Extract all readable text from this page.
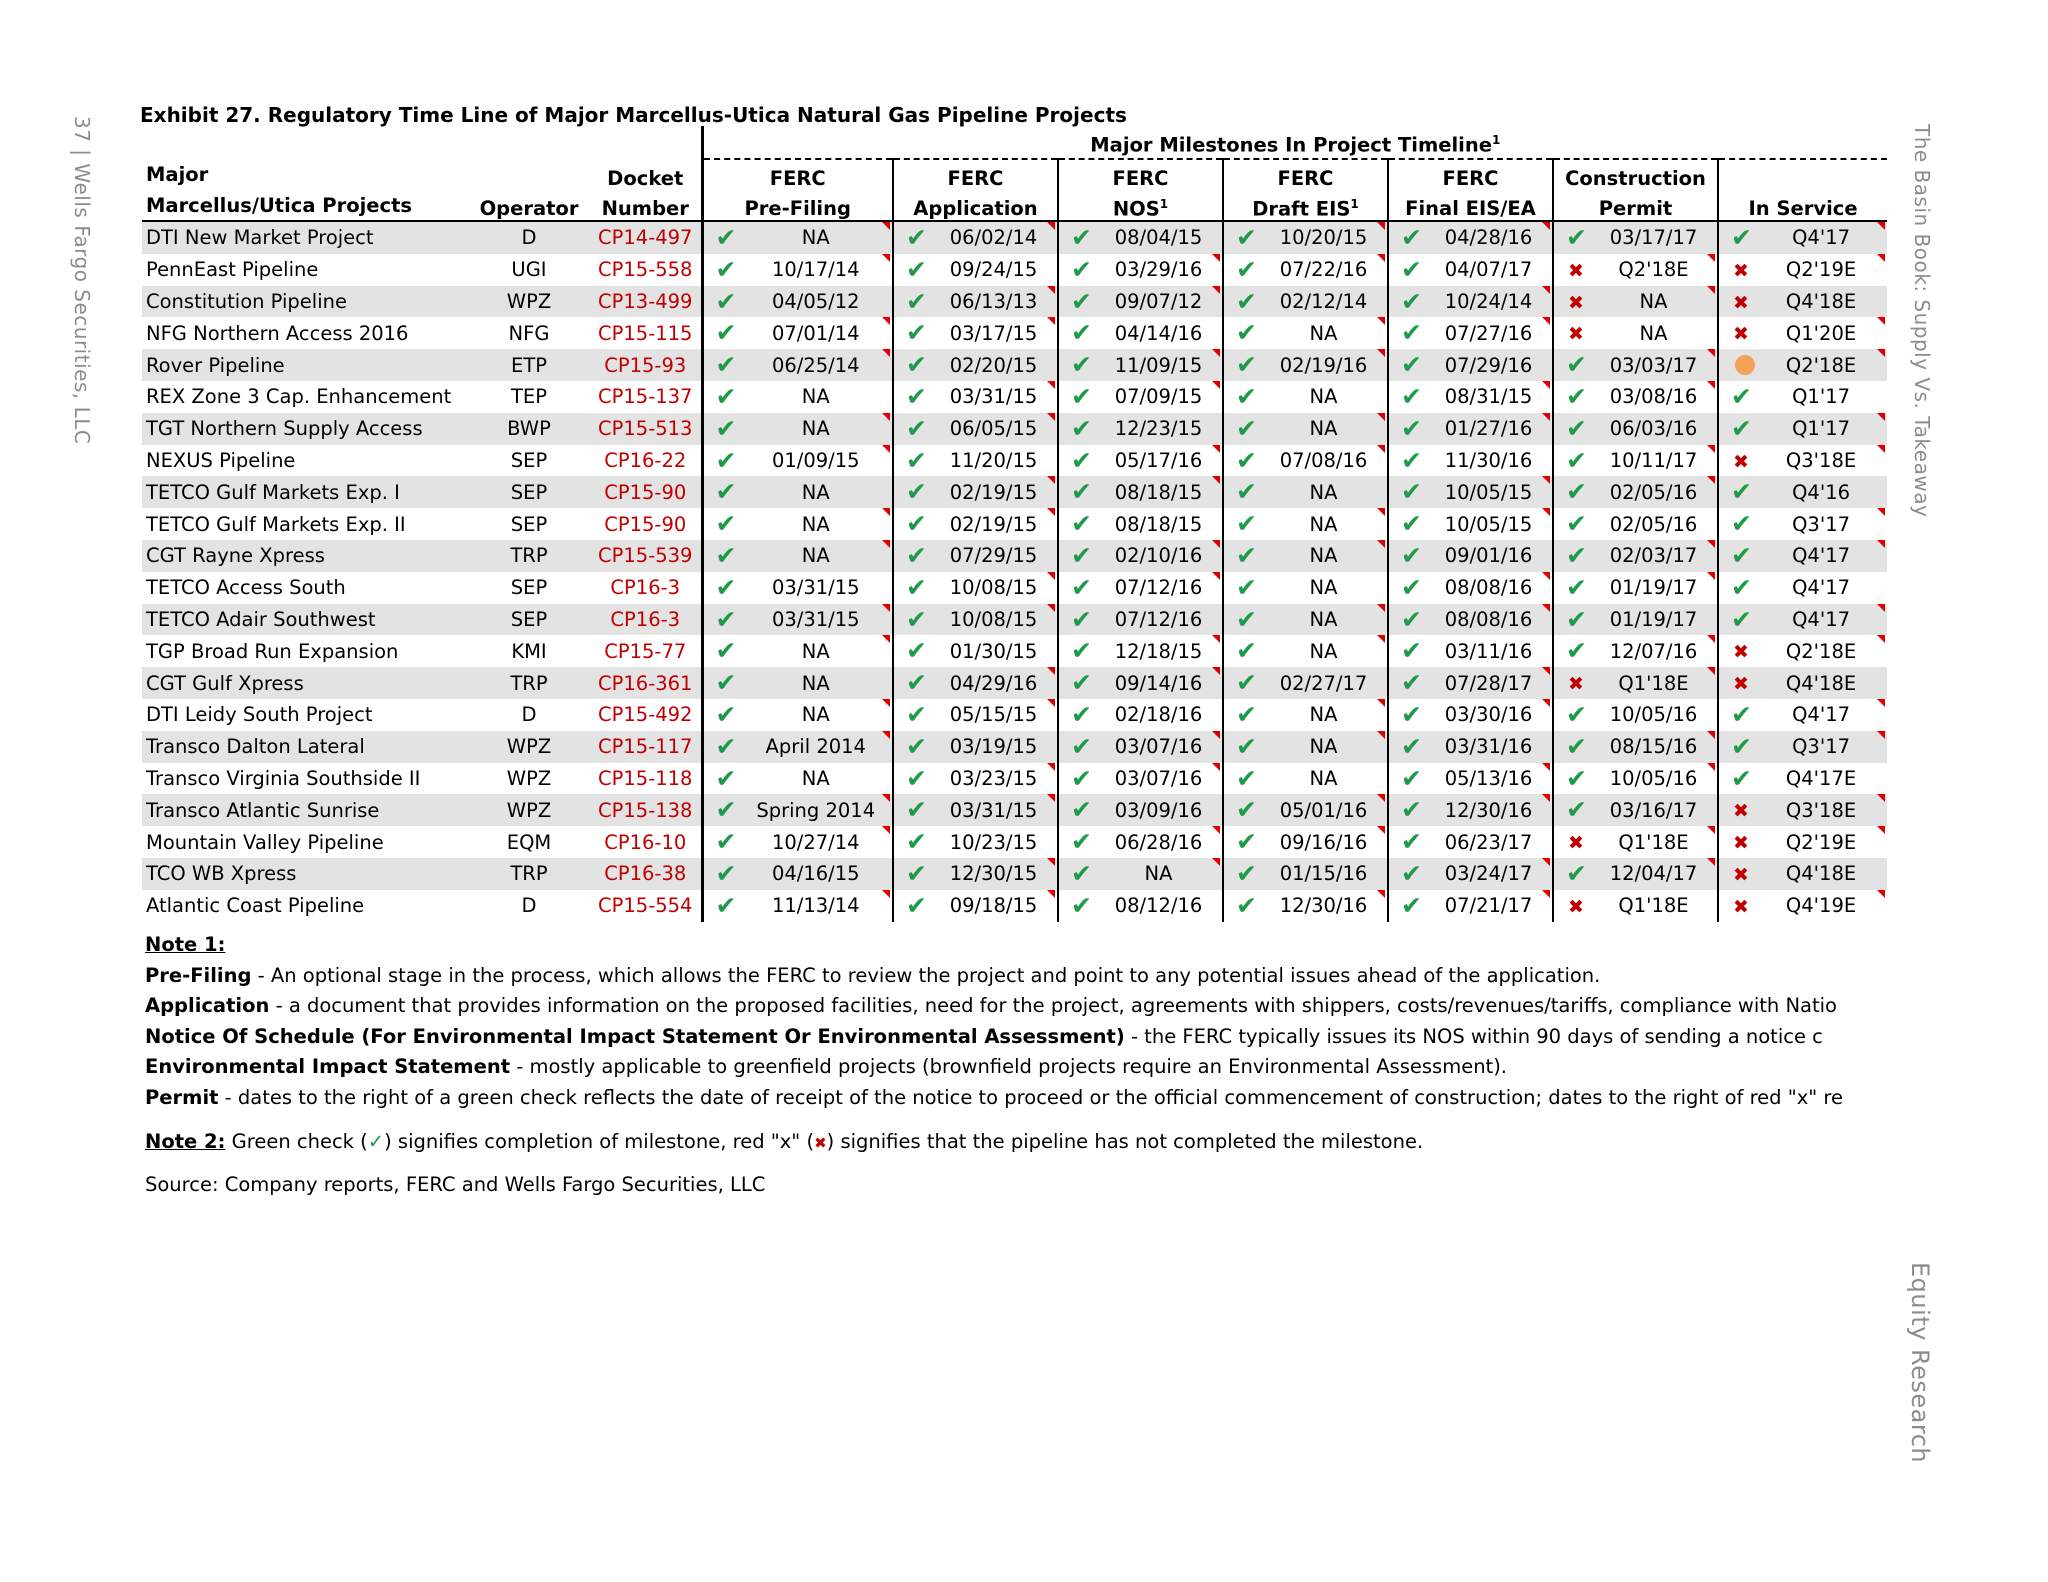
37 | Wells Fargo Securities, LLC	The Basin Book: Supply Vs. Takeaway
Equity Research
Exhibit 27. Regulatory Time Line of Major Marcellus-Utica Natural Gas Pipeline Projects
			Major Milestones In Project Timeline$^1$
Major		Docket	FERC	FERC	FERC	FERC	FERC	Construction	
Marcellus/Utica Projects	Operator	Number	Pre-Filing	Application	NOS$^1$	Draft EIS$^1$	Final EIS/EA	Permit	In Service
DTI New Market Project	D	CP14-497	✔ NA	✔ 06/02/14	✔ 08/04/15	✔ 10/20/15	✔ 04/28/16	✔ 03/17/17	✔ Q4'17

PennEast Pipeline	UGI	CP15-558	✔ 10/17/14	✔ 09/24/15	✔ 03/29/16	✔ 07/22/16	✔ 04/07/17	✖ Q2'18E	✖ Q2'19E

Constitution Pipeline	WPZ	CP13-499	✔ 04/05/12	✔ 06/13/13	✔ 09/07/12	✔ 02/12/14	✔ 10/24/14	✖ NA	✖ Q4'18E
NFG Northern Access 2016	NFG	CP15-115	✔ 07/01/14	✔ 03/17/15	✔ 04/14/16	✔ NA	✔ 07/27/16	✖ NA	✖ Q1'20E

Rover Pipeline	ETP	CP15-93	✔ 06/25/14	✔ 02/20/15	✔ 11/09/15	✔ 02/19/16	✔ 07/29/16	✔ 03/03/17	Q2'18E

REX Zone 3 Cap. Enhancement	TEP	CP15-137	✔ NA	✔ 03/31/15	✔ 07/09/15	✔ NA	✔ 08/31/15	✔ 03/08/16	✔ Q1'17
TGT Northern Supply Access	BWP	CP15-513	✔ NA	✔ 06/05/15	✔ 12/23/15	✔ NA	✔ 01/27/16	✔ 06/03/16	✔ Q1'17

NEXUS Pipeline	SEP	CP16-22	✔ 01/09/15	✔ 11/20/15	✔ 05/17/16	✔ 07/08/16	✔ 11/30/16	✔ 10/11/17	✖ Q3'18E

TETCO Gulf Markets Exp. I	SEP	CP15-90	✔ NA	✔ 02/19/15	✔ 08/18/15	✔ NA	✔ 10/05/15	✔ 02/05/16	✔ Q4'16
TETCO Gulf Markets Exp. II	SEP	CP15-90	✔ NA	✔ 02/19/15	✔ 08/18/15	✔ NA	✔ 10/05/15	✔ 02/05/16	✔ Q3'17

CGT Rayne Xpress	TRP	CP15-539	✔ NA	✔ 07/29/15	✔ 02/10/16	✔ NA	✔ 09/01/16	✔ 02/03/17	✔ Q4'17

TETCO Access South	SEP	CP16-3	✔ 03/31/15	✔ 10/08/15	✔ 07/12/16	✔ NA	✔ 08/08/16	✔ 01/19/17	✔ Q4'17
TETCO Adair Southwest	SEP	CP16-3	✔ 03/31/15	✔ 10/08/15	✔ 07/12/16	✔ NA	✔ 08/08/16	✔ 01/19/17	✔ Q4'17

TGP Broad Run Expansion	KMI	CP15-77	✔ NA	✔ 01/30/15	✔ 12/18/15	✔ NA	✔ 03/11/16	✔ 12/07/16	✖ Q2'18E

CGT Gulf Xpress	TRP	CP16-361	✔ NA	✔ 04/29/16	✔ 09/14/16	✔ 02/27/17	✔ 07/28/17	✖ Q1'18E	✖ Q4'18E
DTI Leidy South Project	D	CP15-492	✔ NA	✔ 05/15/15	✔ 02/18/16	✔ NA	✔ 03/30/16	✔ 10/05/16	✔ Q4'17

Transco Dalton Lateral	WPZ	CP15-117	✔ April 2014	✔ 03/19/15	✔ 03/07/16	✔ NA	✔ 03/31/16	✔ 08/15/16	✔ Q3'17

Transco Virginia Southside II	WPZ	CP15-118	✔ NA	✔ 03/23/15	✔ 03/07/16	✔ NA	✔ 05/13/16	✔ 10/05/16	✔ Q4'17E
Transco Atlantic Sunrise	WPZ	CP15-138	✔ Spring 2014	✔ 03/31/15	✔ 03/09/16	✔ 05/01/16	✔ 12/30/16	✔ 03/16/17	✖ Q3'18E

Mountain Valley Pipeline	EQM	CP16-10	✔ 10/27/14	✔ 10/23/15	✔ 06/28/16	✔ 09/16/16	✔ 06/23/17	✖ Q1'18E	✖ Q2'19E

TCO WB Xpress	TRP	CP16-38	✔ 04/16/15	✔ 12/30/15	✔ NA	✔ 01/15/16	✔ 03/24/17	✔ 12/04/17	✖ Q4'18E
Atlantic Coast Pipeline	D	CP15-554	✔ 11/13/14	✔ 09/18/15	✔ 08/12/16	✔ 12/30/16	✔ 07/21/17	✖ Q1'18E	✖ Q4'19E
Note 1:
Pre-Filing - An optional stage in the process, which allows the FERC to review the project and point to any potential issues ahead of the application.
Application - a document that provides information on the proposed facilities, need for the project, agreements with shippers, costs/revenues/tariffs, compliance with Natio
Notice Of Schedule (For Environmental Impact Statement Or Environmental Assessment) - the FERC typically issues its NOS within 90 days of sending a notice c
Environmental Impact Statement - mostly applicable to greenfield projects (brownfield projects require an Environmental Assessment).
Permit - dates to the right of a green check reflects the date of receipt of the notice to proceed or the official commencement of construction; dates to the right of red "x" re
Note 2: Green check (✓) signifies completion of milestone, red "x" (✖) signifies that the pipeline has not completed the milestone.
Source: Company reports, FERC and Wells Fargo Securities, LLC
